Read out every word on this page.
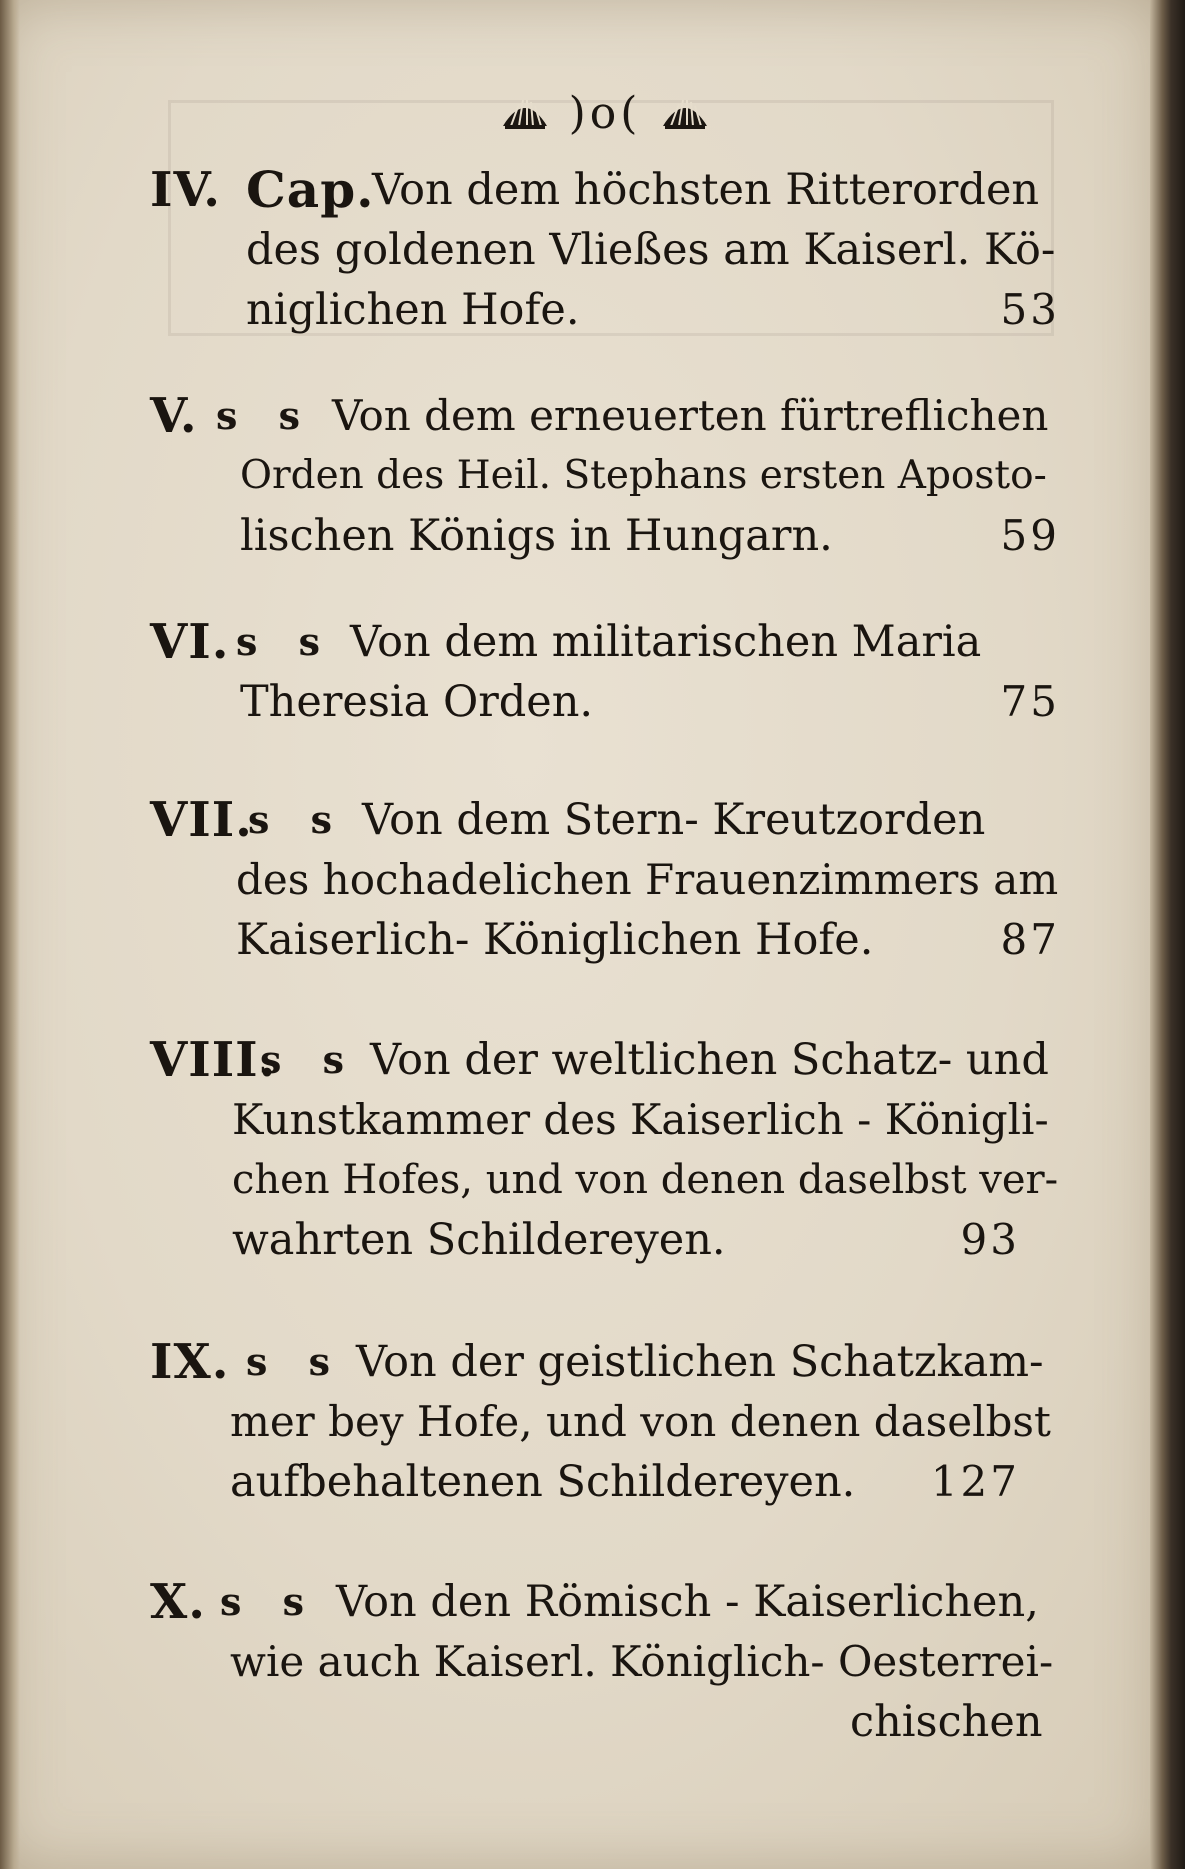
)o(
IV. Cap.
Von dem höchsten Ritterorden
des goldenen Vließes am Kaiserl. Kö-
niglichen Hofe.	53
V. s s Von dem erneuerten fürtreflichen
Orden des Heil. Stephans ersten Aposto-
lischen Königs in Hungarn.	59
VI. s s Von dem militarischen Maria
Theresia Orden.	75
VII.
s s Von dem Stern- Kreutzorden
des hochadelichen Frauenzimmers am
Kaiserlich- Königlichen Hofe.	87
VIII.
s s Von der weltlichen Schatz- und
Kunstkammer des Kaiserlich - Königli-
chen Hofes, und von denen daselbst ver-
wahrten Schildereyen.	93
IX. s s Von der geistlichen Schatzkam-
mer bey Hofe, und von denen daselbst
aufbehaltenen Schildereyen. 127
X. s s Von den Römisch - Kaiserlichen,
wie auch Kaiserl. Königlich- Oesterrei-
chischen
